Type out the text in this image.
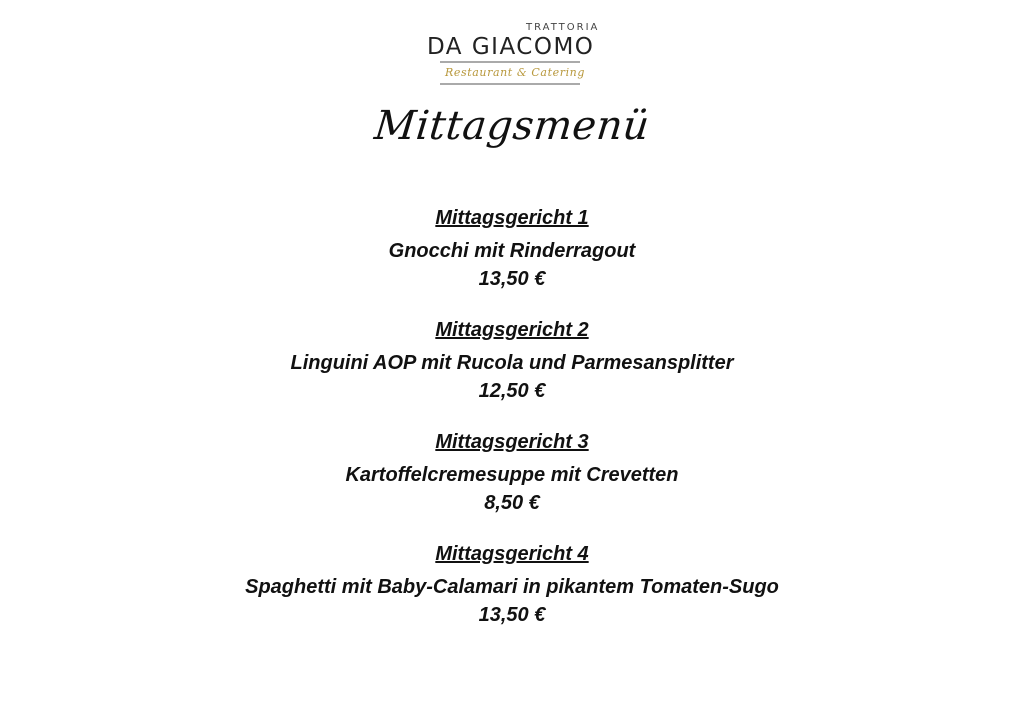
TRATTORIA
DA GIACOMO
Restaurant & Catering
Mittagsmenü
Mittagsgericht 1
Gnocchi mit Rinderragout
13,50 €
Mittagsgericht 2
Linguini AOP mit Rucola und Parmesansplitter
12,50 €
Mittagsgericht 3
Kartoffelcremesuppe mit Crevetten
8,50 €
Mittagsgericht 4
Spaghetti mit Baby-Calamari in pikantem Tomaten-Sugo
13,50 €
